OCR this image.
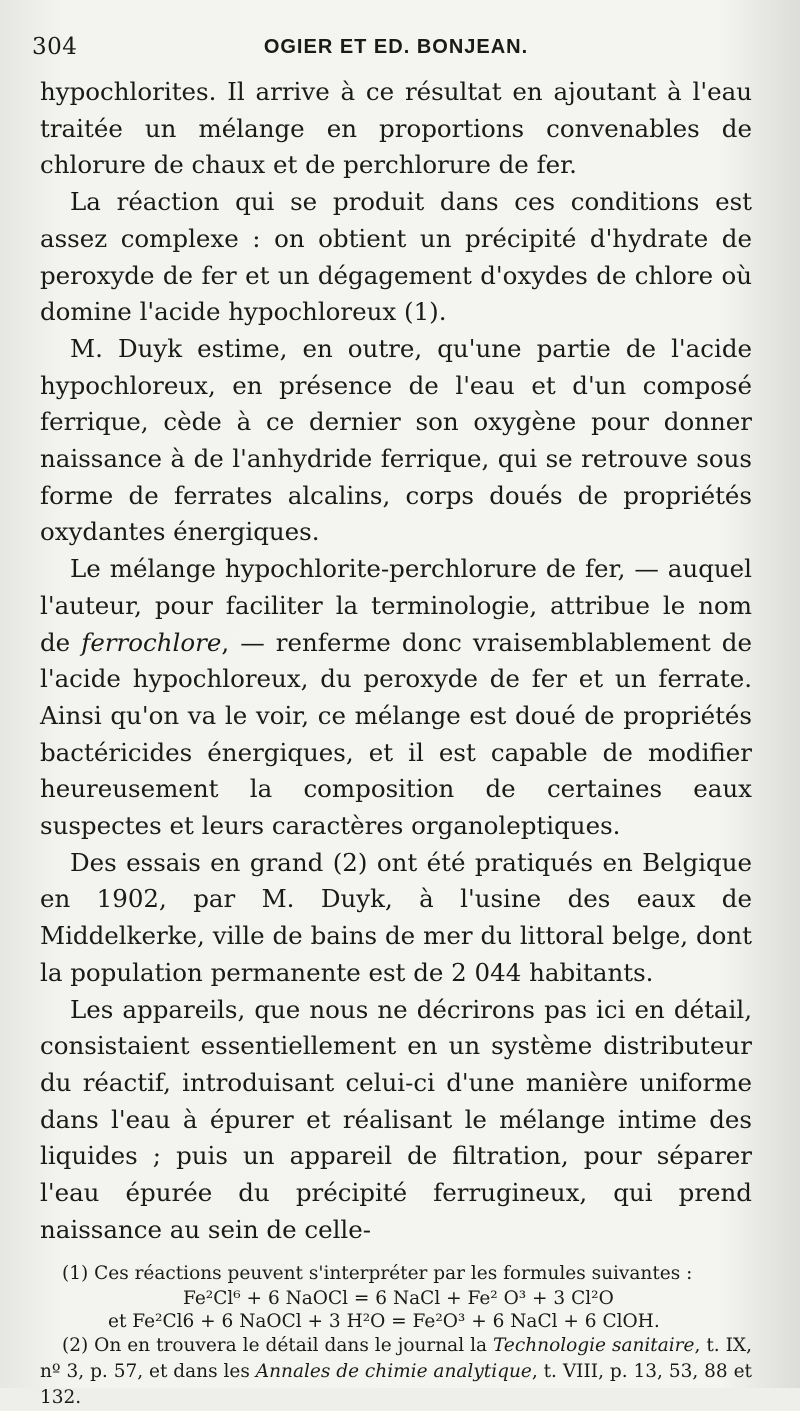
304	OGIER ET ED. BONJEAN.

hypochlorites. Il arrive à ce résultat en ajoutant à l'eau traitée un mélange en proportions convenables de chlorure de chaux et de perchlorure de fer.

La réaction qui se produit dans ces conditions est assez complexe : on obtient un précipité d'hydrate de peroxyde de fer et un dégagement d'oxydes de chlore où domine l'acide hypochloreux (1).

M. Duyk estime, en outre, qu'une partie de l'acide hypochloreux, en présence de l'eau et d'un composé ferrique, cède à ce dernier son oxygène pour donner naissance à de l'anhydride ferrique, qui se retrouve sous forme de ferrates alcalins, corps doués de propriétés oxydantes énergiques.

Le mélange hypochlorite-perchlorure de fer, — auquel l'auteur, pour faciliter la terminologie, attribue le nom de ferrochlore, — renferme donc vraisemblablement de l'acide hypochloreux, du peroxyde de fer et un ferrate. Ainsi qu'on va le voir, ce mélange est doué de propriétés bactéricides énergiques, et il est capable de modifier heureusement la composition de certaines eaux suspectes et leurs caractères organoleptiques.

Des essais en grand (2) ont été pratiqués en Belgique en 1902, par M. Duyk, à l'usine des eaux de Middelkerke, ville de bains de mer du littoral belge, dont la population permanente est de 2 044 habitants.

Les appareils, que nous ne décrirons pas ici en détail, consistaient essentiellement en un système distributeur du réactif, introduisant celui-ci d'une manière uniforme dans l'eau à épurer et réalisant le mélange intime des liquides ; puis un appareil de filtration, pour séparer l'eau épurée du précipité ferrugineux, qui prend naissance au sein de celle-

(1) Ces réactions peuvent s'interpréter par les formules suivantes :

Fe²Cl⁶ + 6 NaOCl = 6 NaCl + Fe² O³ + 3 Cl²O
et Fe²Cl6 + 6 NaOCl + 3 H²O = Fe²O³ + 6 NaCl + 6 ClOH.

(2) On en trouvera le détail dans le journal la Technologie sanitaire, t. IX, nº 3, p. 57, et dans les Annales de chimie analytique, t. VIII, p. 13, 53, 88 et 132.
